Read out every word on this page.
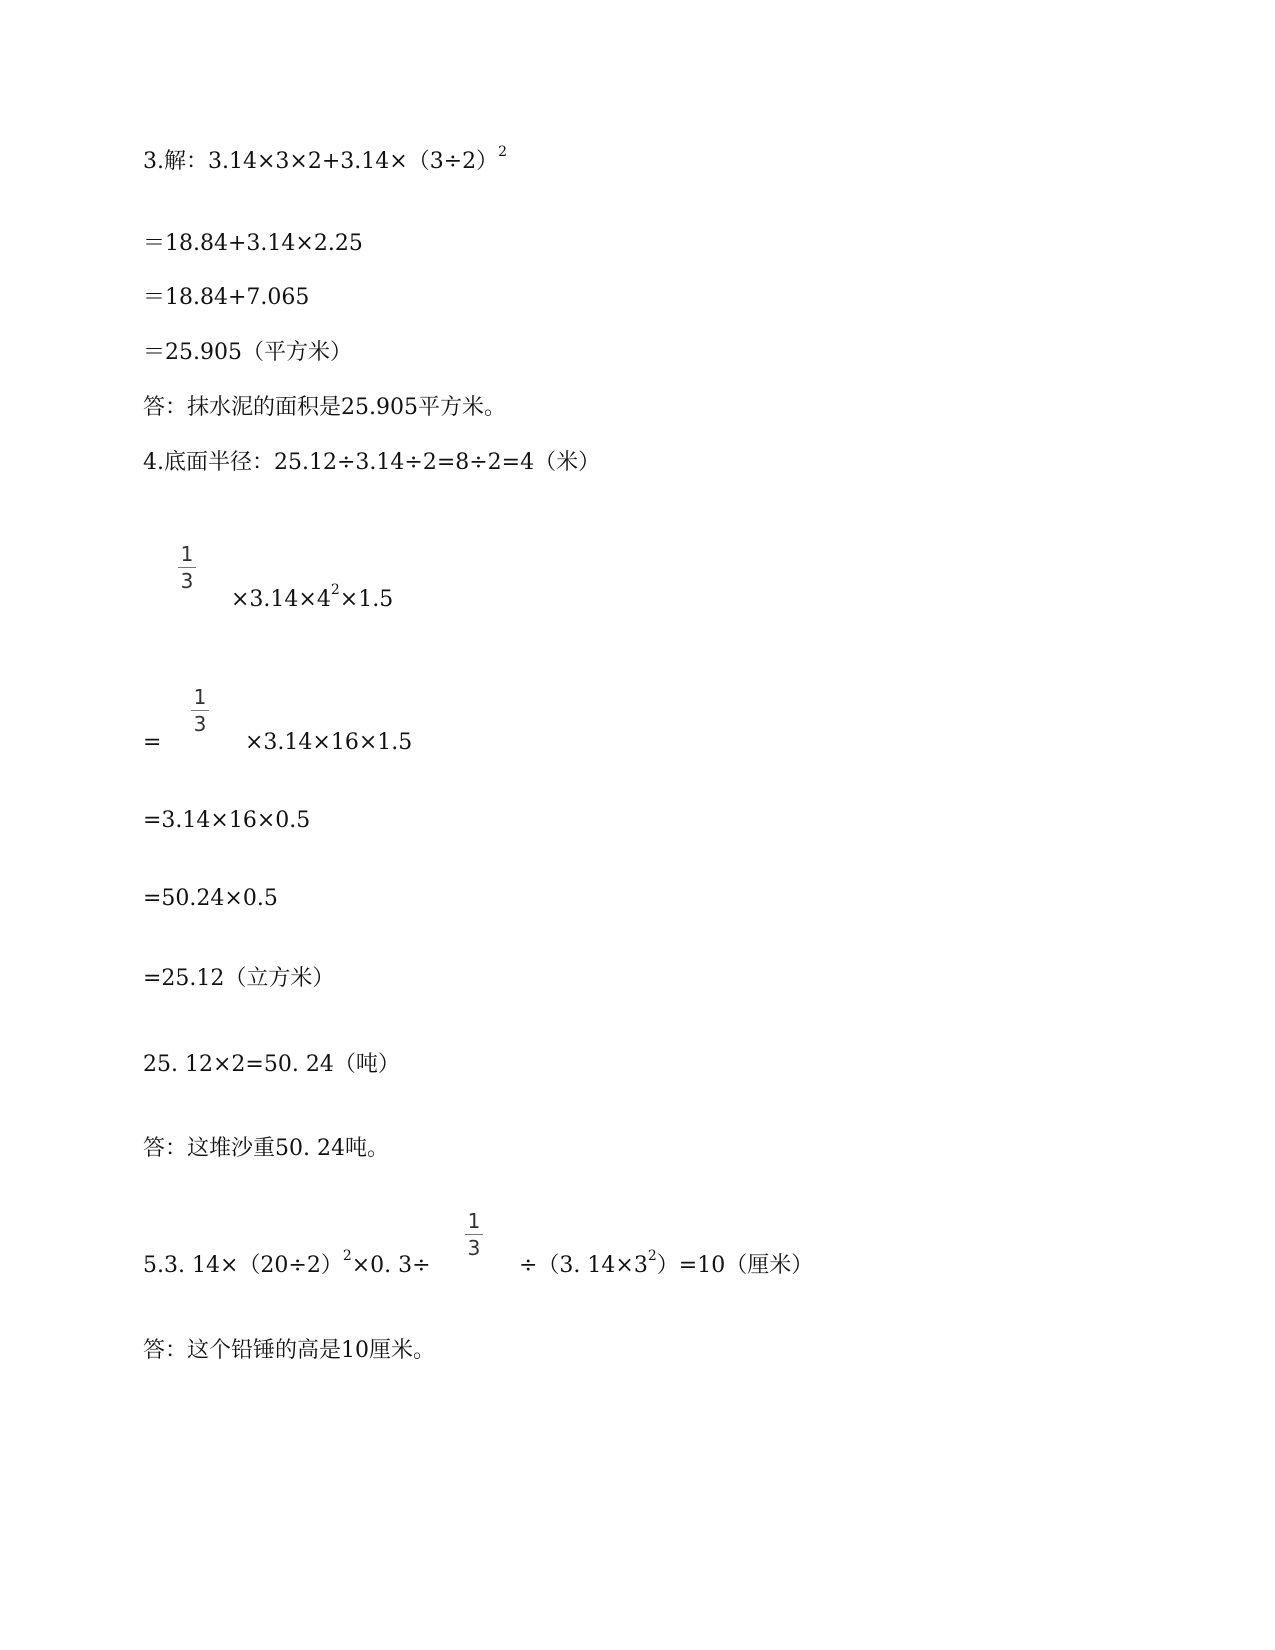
3.解：$3.14\times 3\times 2+3.14\times(3\div 2)^2$
＝18.84+3.14×2.25
＝18.84+7.065
＝25.905（平方米）
答：抹水泥的面积是25.905平方米。
4.底面半径：25.12÷3.14÷2=8÷2=4（米）
1
3
$\times 3.14\times 4^2\times 1.5$
=
1
3
×3.14×16×1.5
=3.14×16×0.5
=50.24×0.5
=25.12（立方米）
25. 12×2=50. 24（吨）
答：这堆沙重50. 24吨。
5.3. $14\times(20\div 2)^2\times 0$. 3÷
1
3
÷（3. $14\times 3^2)=10$（厘米）
答：这个铅锤的高是10厘米。
